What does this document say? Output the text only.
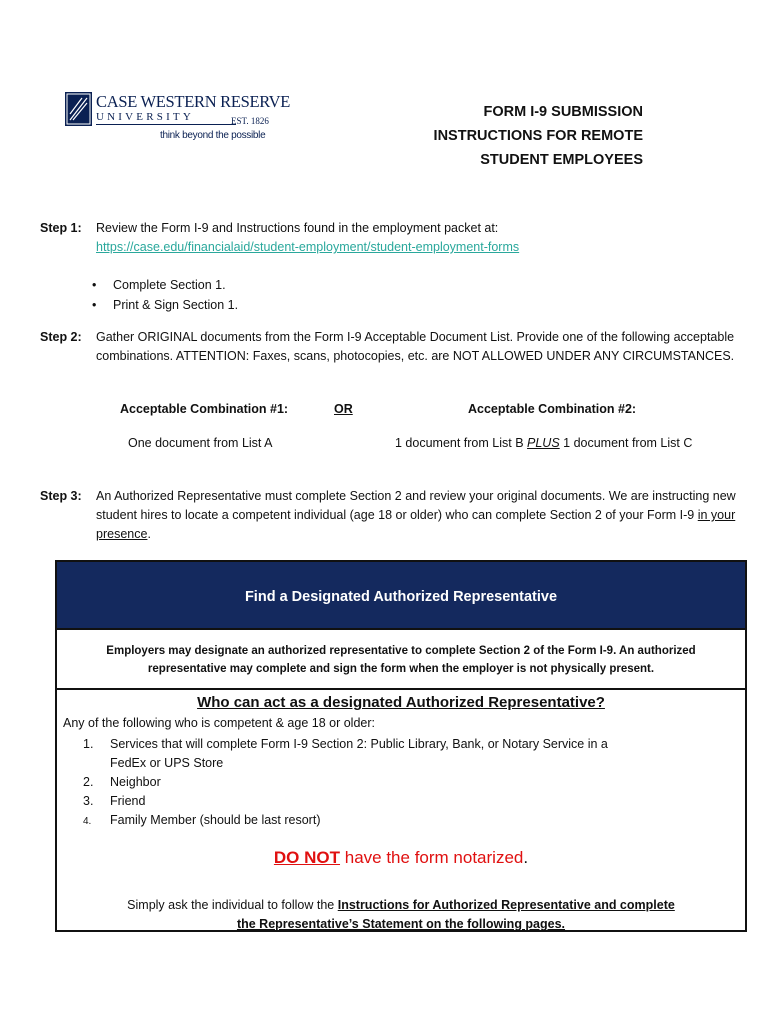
CASE WESTERN RESERVE
UNIVERSITY	EST. 1826
think beyond the possible
FORM I-9 SUBMISSION
INSTRUCTIONS FOR REMOTE
STUDENT EMPLOYEES
Step 1: Review the Form I-9 and Instructions found in the employment packet at:
https://case.edu/financialaid/student-employment/student-employment-forms
• Complete Section 1.
• Print & Sign Section 1.
Step 2: Gather ORIGINAL documents from the Form I-9 Acceptable Document List. Provide one of the following acceptable combinations. ATTENTION: Faxes, scans, photocopies, etc. are NOT ALLOWED UNDER ANY CIRCUMSTANCES.
Acceptable Combination #1:	OR	Acceptable Combination #2:
One document from List A	1 document from List B PLUS 1 document from List C
Step 3: An Authorized Representative must complete Section 2 and review your original documents. We are instructing new student hires to locate a competent individual (age 18 or older) who can complete Section 2 of your Form I-9 in your presence.
Find a Designated Authorized Representative
Employers may designate an authorized representative to complete Section 2 of the Form I-9. An authorized
representative may complete and sign the form when the employer is not physically present.
Who can act as a designated Authorized Representative?
Any of the following who is competent & age 18 or older:
1. Services that will complete Form I-9 Section 2: Public Library, Bank, or Notary Service in a
FedEx or UPS Store
2. Neighbor
3. Friend
4. Family Member (should be last resort)
DO NOT have the form notarized.
Simply ask the individual to follow the Instructions for Authorized Representative and complete
the Representative’s Statement on the following pages.
